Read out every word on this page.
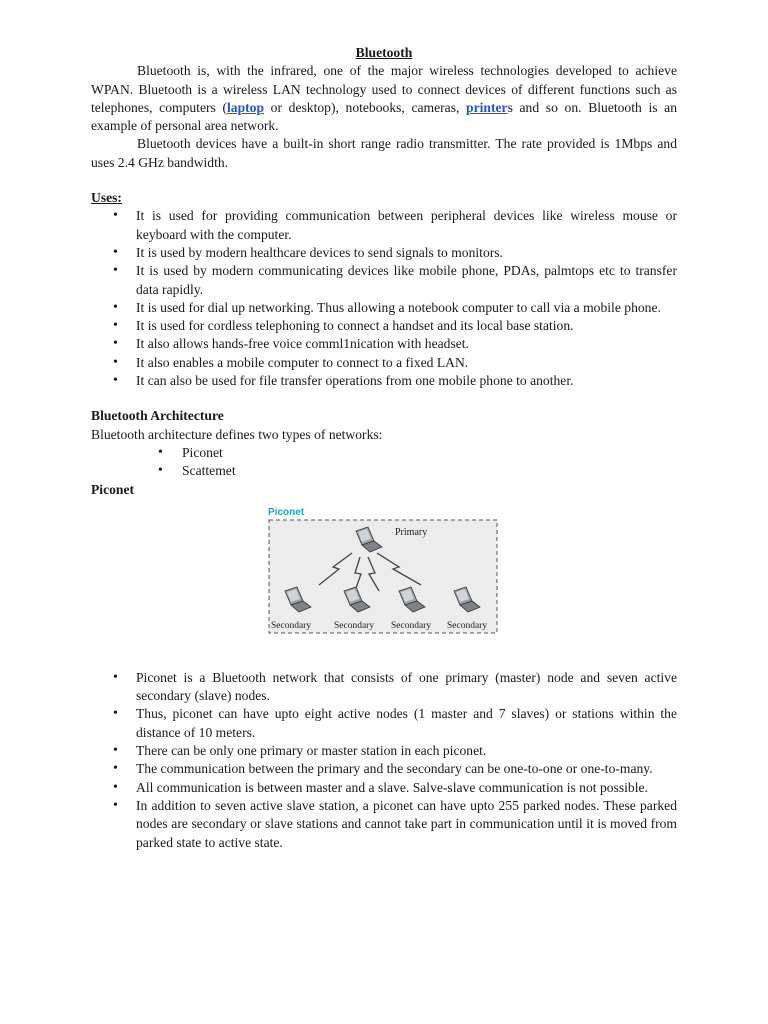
Bluetooth

Bluetooth is, with the infrared, one of the major wireless technologies developed to achieve WPAN. Bluetooth is a wireless LAN technology used to connect devices of different functions such as telephones, computers (laptop or desktop), notebooks, cameras, printers and so on. Bluetooth is an example of personal area network.

Bluetooth devices have a built-in short range radio transmitter. The rate provided is 1Mbps and uses 2.4 GHz bandwidth.

Uses:

• It is used for providing communication between peripheral devices like wireless mouse or keyboard with the computer.
• It is used by modern healthcare devices to send signals to monitors.
• It is used by modern communicating devices like mobile phone, PDAs, palmtops etc to transfer data rapidly.
• It is used for dial up networking. Thus allowing a notebook computer to call via a mobile phone.
• It is used for cordless telephoning to connect a handset and its local base station.
• It also allows hands-free voice comml1nication with headset.
• It also enables a mobile computer to connect to a fixed LAN.
• It can also be used for file transfer operations from one mobile phone to another.

Bluetooth Architecture

Bluetooth architecture defines two types of networks:

• Piconet
• Scattemet

Piconet

Piconet
Primary
Secondary Secondary Secondary Secondary
• Piconet is a Bluetooth network that consists of one primary (master) node and seven active secondary (slave) nodes.
• Thus, piconet can have upto eight active nodes (1 master and 7 slaves) or stations within the distance of 10 meters.
• There can be only one primary or master station in each piconet.
• The communication between the primary and the secondary can be one-to-one or one-to-many.
• All communication is between master and a slave. Salve-slave communication is not possible.
• In addition to seven active slave station, a piconet can have upto 255 parked nodes. These parked nodes are secondary or slave stations and cannot take part in communication until it is moved from parked state to active state.
